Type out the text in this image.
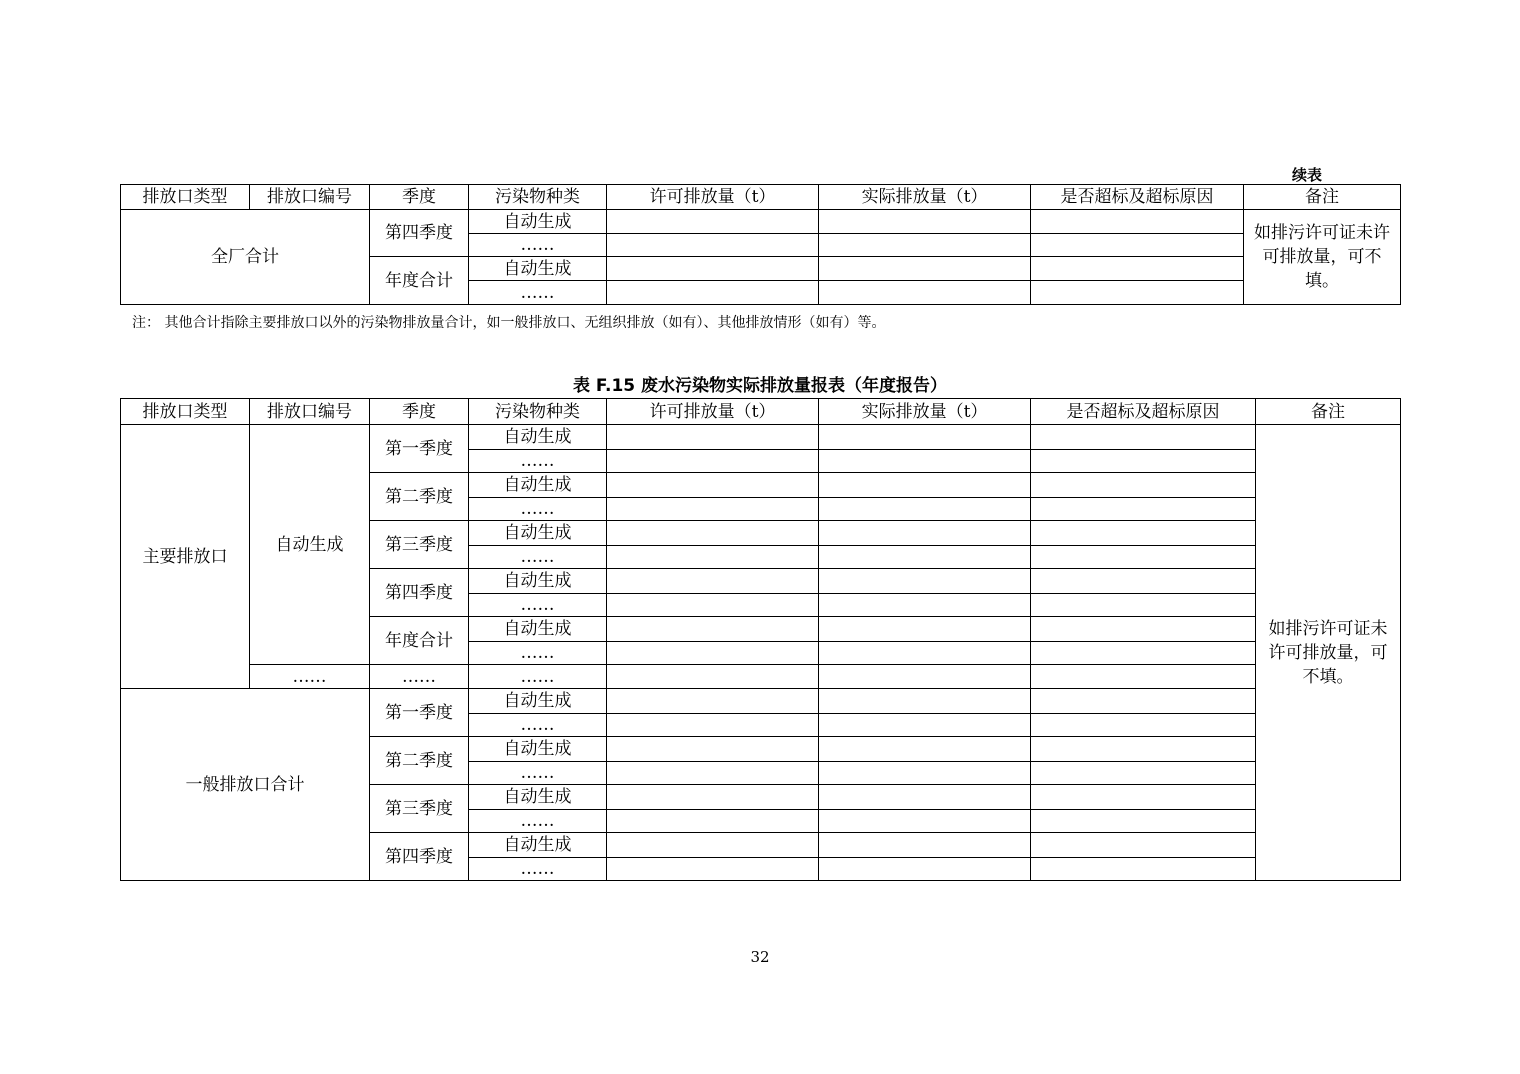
续表
排放口类型	排放口编号	季度	污染物种类	许可排放量（t）	实际排放量（t）	是否超标及超标原因	备注
全厂合计		第四季度	自动生成				如排污许可证未许可排放量，可不填。
			……				
		年度合计	自动生成				
			……				
注： 其他合计指除主要排放口以外的污染物排放量合计，如一般排放口、无组织排放（如有）、其他排放情形（如有）等。
表 F.15 废水污染物实际排放量报表（年度报告）
排放口类型	排放口编号	季度	污染物种类	许可排放量（t）	实际排放量（t）	是否超标及超标原因	备注
主要排放口	自动生成	第一季度	自动生成				如排污许可证未许可排放量，可不填。
			……				
		第二季度	自动生成				
			……				
		第三季度	自动生成				
			……				
		第四季度	自动生成				
			……				
		年度合计	自动生成				
			……				
	……	……	……				
一般排放口合计		第一季度	自动生成				
			……				
		第二季度	自动生成				
			……				
		第三季度	自动生成				
			……				
		第四季度	自动生成				
			……				
32
